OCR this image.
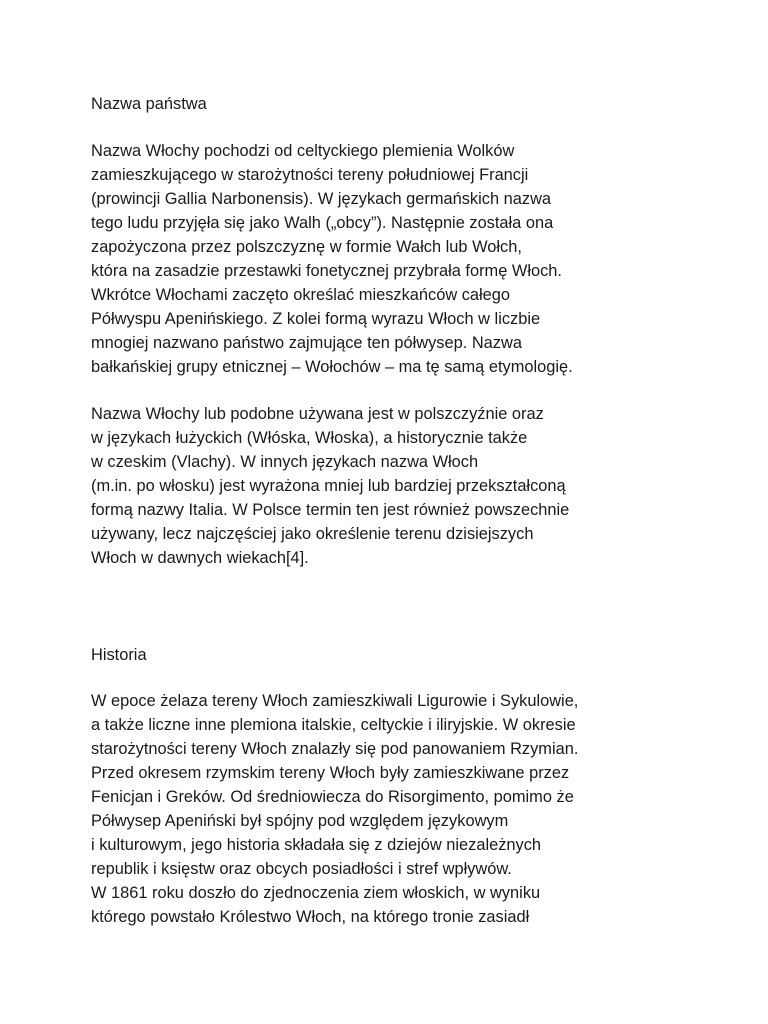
Nazwa państwa
Nazwa Włochy pochodzi od celtyckiego plemienia Wolków
zamieszkującego w starożytności tereny południowej Francji
(prowincji Gallia Narbonensis). W językach germańskich nazwa
tego ludu przyjęła się jako Walh („obcy”). Następnie została ona
zapożyczona przez polszczyznę w formie Wałch lub Wołch,
która na zasadzie przestawki fonetycznej przybrała formę Włoch.
Wkrótce Włochami zaczęto określać mieszkańców całego
Półwyspu Apenińskiego. Z kolei formą wyrazu Włoch w liczbie
mnogiej nazwano państwo zajmujące ten półwysep. Nazwa
bałkańskiej grupy etnicznej – Wołochów – ma tę samą etymologię.
Nazwa Włochy lub podobne używana jest w polszczyźnie oraz
w językach łużyckich (Włóska, Włoska), a historycznie także
w czeskim (Vlachy). W innych językach nazwa Włoch
(m.in. po włosku) jest wyrażona mniej lub bardziej przekształconą
formą nazwy Italia. W Polsce termin ten jest również powszechnie
używany, lecz najczęściej jako określenie terenu dzisiejszych
Włoch w dawnych wiekach[4].
Historia
W epoce żelaza tereny Włoch zamieszkiwali Ligurowie i Sykulowie,
a także liczne inne plemiona italskie, celtyckie i iliryjskie. W okresie
starożytności tereny Włoch znalazły się pod panowaniem Rzymian.
Przed okresem rzymskim tereny Włoch były zamieszkiwane przez
Fenicjan i Greków. Od średniowiecza do Risorgimento, pomimo że
Półwysep Apeniński był spójny pod względem językowym
i kulturowym, jego historia składała się z dziejów niezależnych
republik i księstw oraz obcych posiadłości i stref wpływów.
W 1861 roku doszło do zjednoczenia ziem włoskich, w wyniku
którego powstało Królestwo Włoch, na którego tronie zasiadł
